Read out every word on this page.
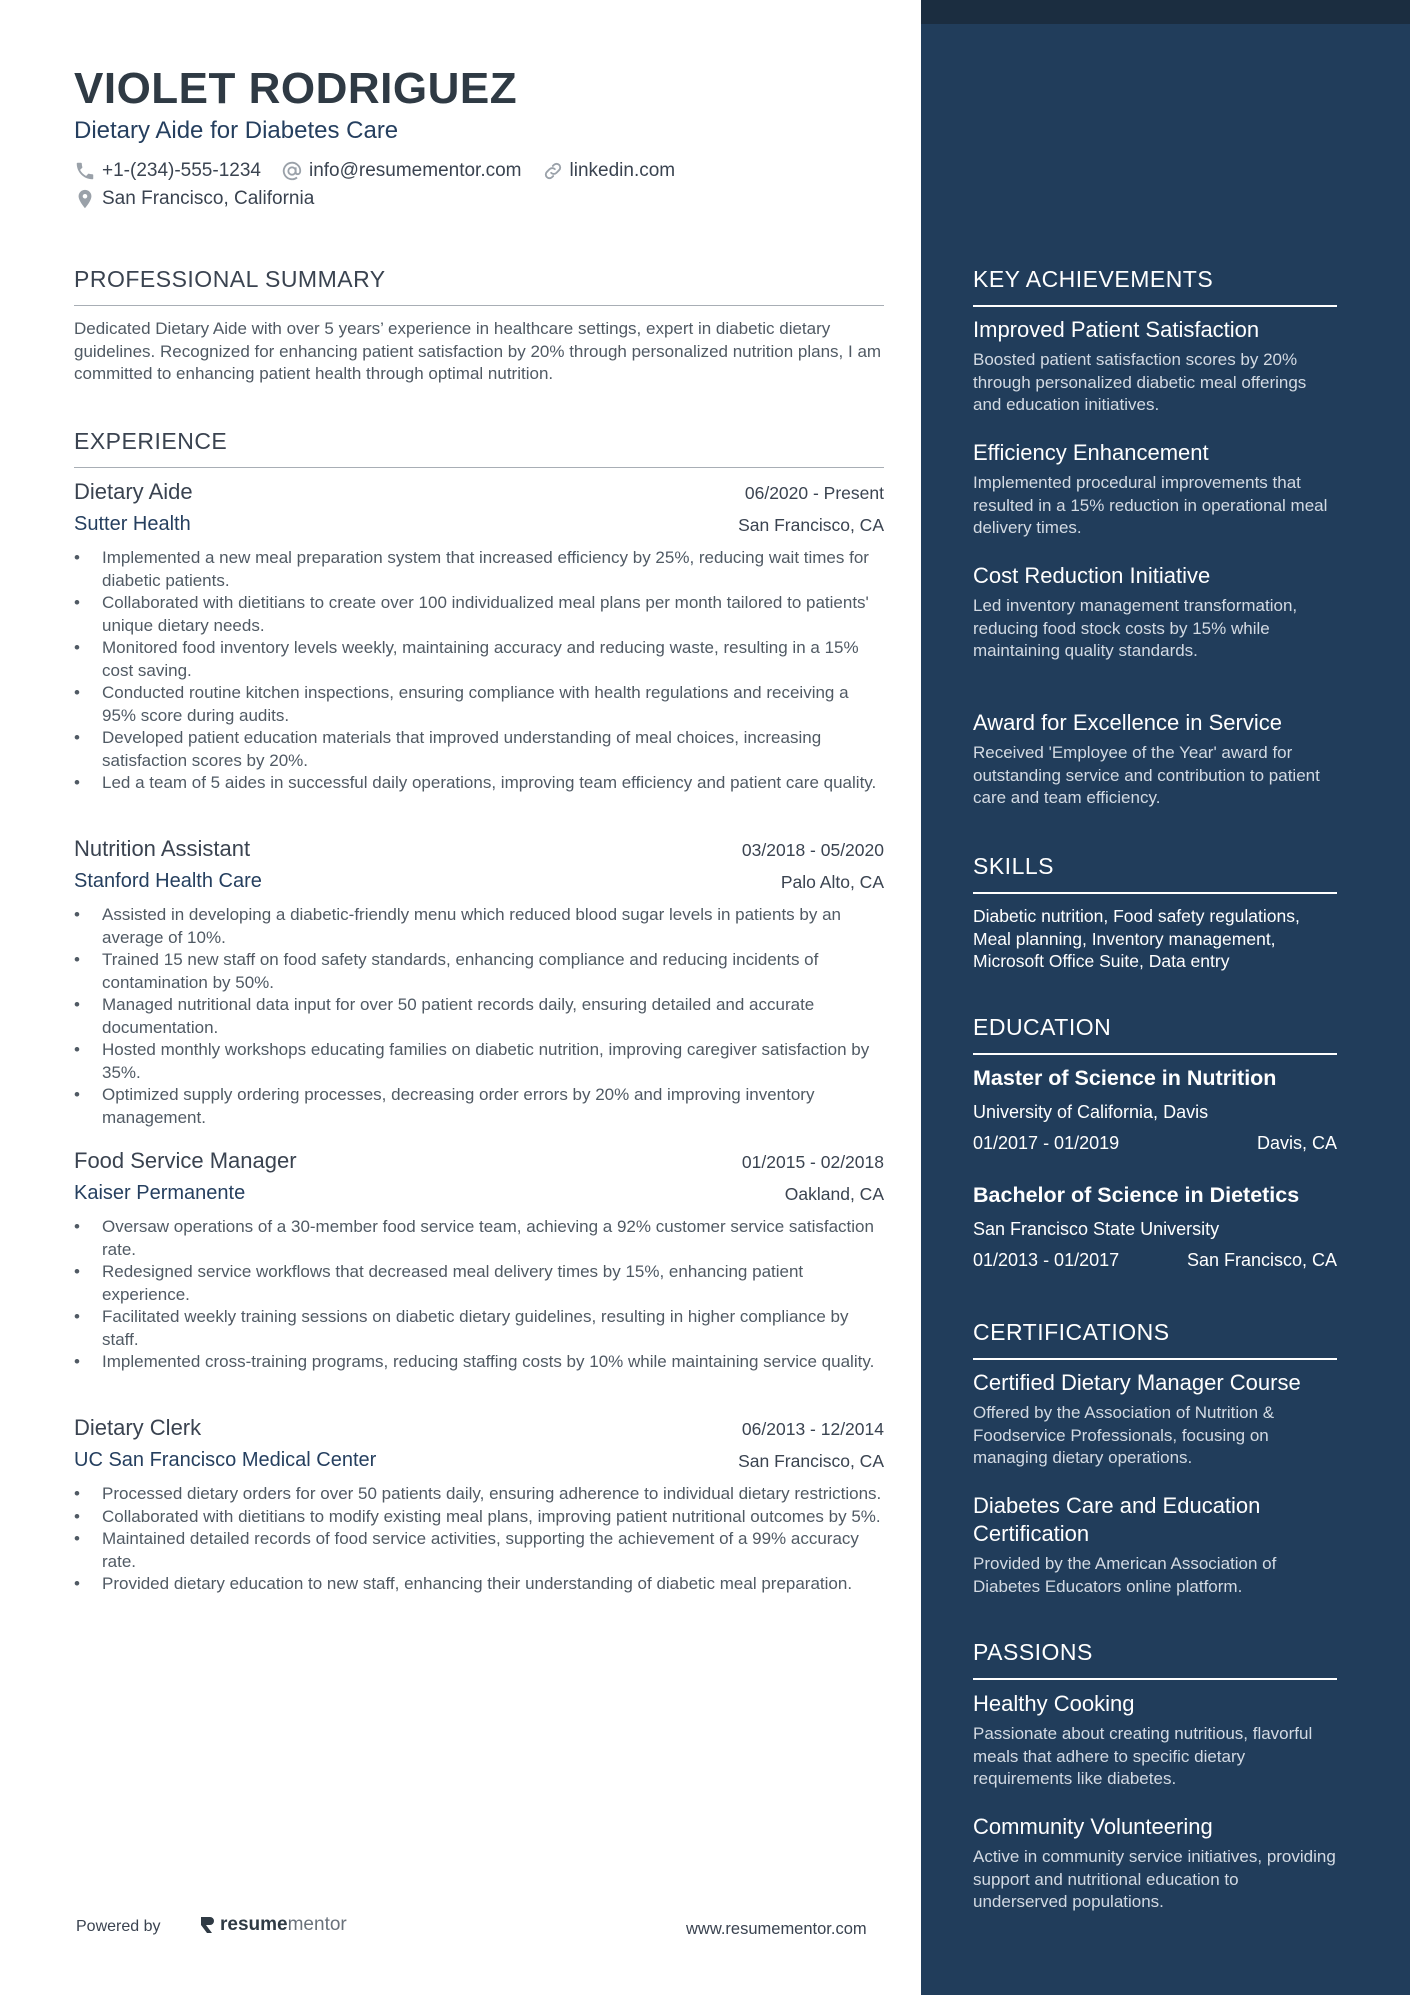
VIOLET RODRIGUEZ
Dietary Aide for Diabetes Care
+1-(234)-555-1234	info@resumementor.com	linkedin.com
San Francisco, California
PROFESSIONAL SUMMARY
Dedicated Dietary Aide with over 5 years’ experience in healthcare settings, expert in diabetic dietary guidelines. Recognized for enhancing patient satisfaction by 20% through personalized nutrition plans, I am committed to enhancing patient health through optimal nutrition.
EXPERIENCE
Dietary Aide	06/2020 - Present
Sutter Health	San Francisco, CA
• Implemented a new meal preparation system that increased efficiency by 25%, reducing wait times for diabetic patients.
• Collaborated with dietitians to create over 100 individualized meal plans per month tailored to patients' unique dietary needs.
• Monitored food inventory levels weekly, maintaining accuracy and reducing waste, resulting in a 15% cost saving.
• Conducted routine kitchen inspections, ensuring compliance with health regulations and receiving a 95% score during audits.
• Developed patient education materials that improved understanding of meal choices, increasing satisfaction scores by 20%.
• Led a team of 5 aides in successful daily operations, improving team efficiency and patient care quality.
Nutrition Assistant	03/2018 - 05/2020
Stanford Health Care	Palo Alto, CA
• Assisted in developing a diabetic-friendly menu which reduced blood sugar levels in patients by an average of 10%.
• Trained 15 new staff on food safety standards, enhancing compliance and reducing incidents of contamination by 50%.
• Managed nutritional data input for over 50 patient records daily, ensuring detailed and accurate documentation.
• Hosted monthly workshops educating families on diabetic nutrition, improving caregiver satisfaction by 35%.
• Optimized supply ordering processes, decreasing order errors by 20% and improving inventory management.
Food Service Manager	01/2015 - 02/2018
Kaiser Permanente	Oakland, CA
• Oversaw operations of a 30-member food service team, achieving a 92% customer service satisfaction rate.
• Redesigned service workflows that decreased meal delivery times by 15%, enhancing patient experience.
• Facilitated weekly training sessions on diabetic dietary guidelines, resulting in higher compliance by staff.
• Implemented cross-training programs, reducing staffing costs by 10% while maintaining service quality.
Dietary Clerk	06/2013 - 12/2014
UC San Francisco Medical Center	San Francisco, CA
• Processed dietary orders for over 50 patients daily, ensuring adherence to individual dietary restrictions.
• Collaborated with dietitians to modify existing meal plans, improving patient nutritional outcomes by 5%.
• Maintained detailed records of food service activities, supporting the achievement of a 99% accuracy rate.
• Provided dietary education to new staff, enhancing their understanding of diabetic meal preparation.
Powered by	resume mentor	www.resumementor.com
KEY ACHIEVEMENTS
Improved Patient Satisfaction
Boosted patient satisfaction scores by 20% through personalized diabetic meal offerings and education initiatives.
Efficiency Enhancement
Implemented procedural improvements that resulted in a 15% reduction in operational meal delivery times.
Cost Reduction Initiative
Led inventory management transformation, reducing food stock costs by 15% while maintaining quality standards.
Award for Excellence in Service
Received 'Employee of the Year' award for outstanding service and contribution to patient care and team efficiency.
SKILLS
Diabetic nutrition, Food safety regulations, Meal planning, Inventory management, Microsoft Office Suite, Data entry
EDUCATION
Master of Science in Nutrition
University of California, Davis
01/2017 - 01/2019	Davis, CA
Bachelor of Science in Dietetics
San Francisco State University
01/2013 - 01/2017	San Francisco, CA
CERTIFICATIONS
Certified Dietary Manager Course
Offered by the Association of Nutrition & Foodservice Professionals, focusing on managing dietary operations.
Diabetes Care and Education Certification
Provided by the American Association of Diabetes Educators online platform.
PASSIONS
Healthy Cooking
Passionate about creating nutritious, flavorful meals that adhere to specific dietary requirements like diabetes.
Community Volunteering
Active in community service initiatives, providing support and nutritional education to underserved populations.
